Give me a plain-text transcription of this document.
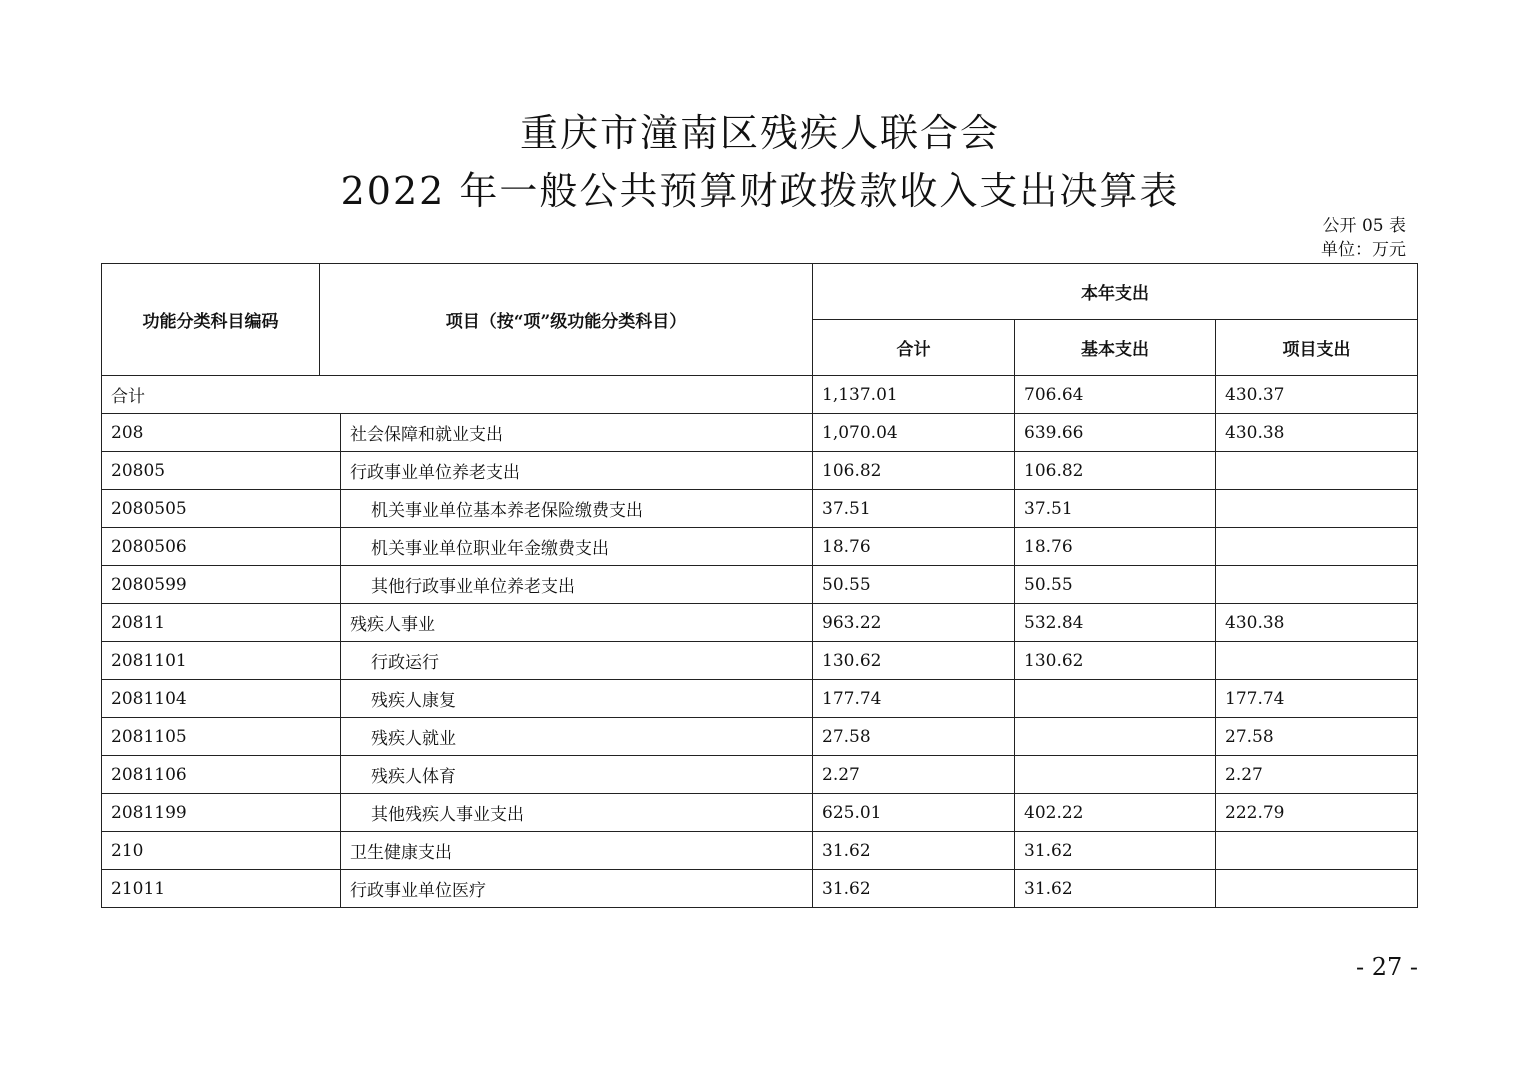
重庆市潼南区残疾人联合会
2022 年一般公共预算财政拨款收入支出决算表
公开 05 表
单位：万元
功能分类科目编码	项目（按“项”级功能分类科目）		本年支出		
			合计	基本支出	项目支出
合计			1,137.01	706.64	430.37
208		社会保障和就业支出	1,070.04	639.66	430.38
20805		行政事业单位养老支出	106.82	106.82	
2080505		机关事业单位基本养老保险缴费支出	37.51	37.51	
2080506		机关事业单位职业年金缴费支出	18.76	18.76	
2080599		其他行政事业单位养老支出	50.55	50.55	
20811		残疾人事业	963.22	532.84	430.38
2081101		行政运行	130.62	130.62	
2081104		残疾人康复	177.74		177.74
2081105		残疾人就业	27.58		27.58
2081106		残疾人体育	2.27		2.27
2081199		其他残疾人事业支出	625.01	402.22	222.79
210		卫生健康支出	31.62	31.62	
21011		行政事业单位医疗	31.62	31.62	
- 27 -
